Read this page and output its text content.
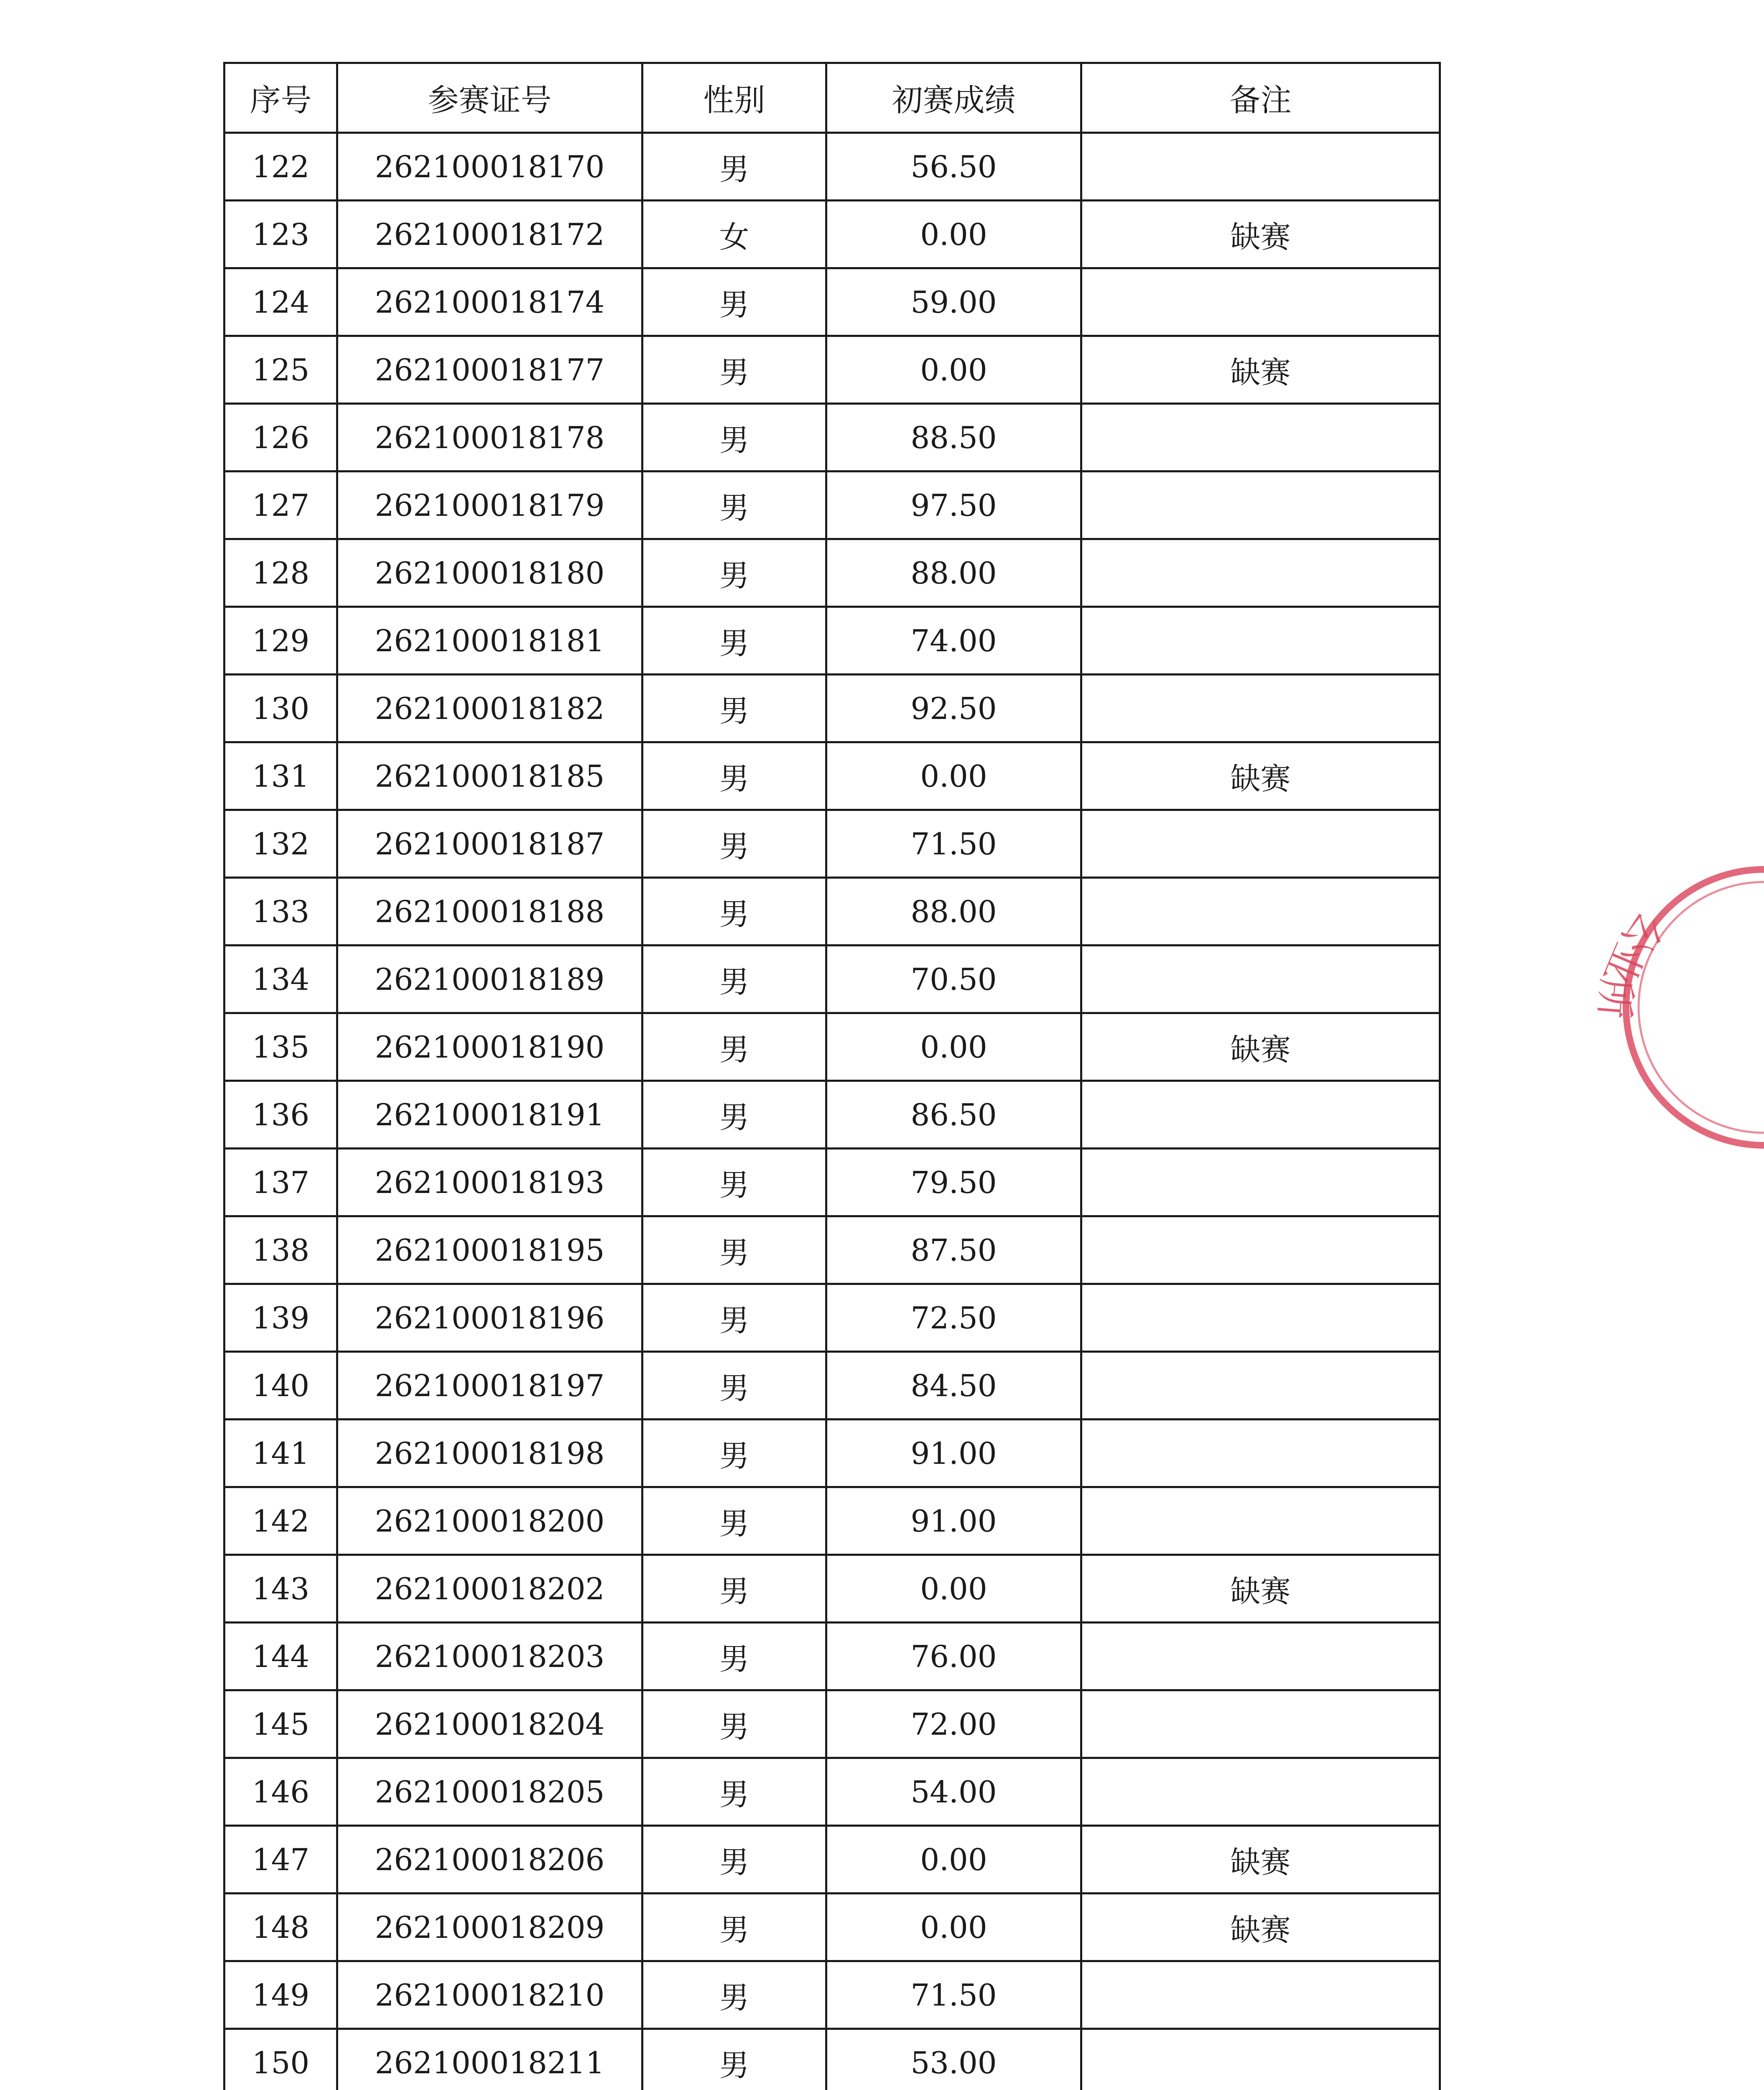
序号	参赛证号	性别	初赛成绩	备注
122	262100018170	男	56.50	
123	262100018172	女	0.00	缺赛
124	262100018174	男	59.00	
125	262100018177	男	0.00	缺赛
126	262100018178	男	88.50	
127	262100018179	男	97.50	
128	262100018180	男	88.00	
129	262100018181	男	74.00	
130	262100018182	男	92.50	
131	262100018185	男	0.00	缺赛
132	262100018187	男	71.50	
133	262100018188	男	88.00	
134	262100018189	男	70.50	
135	262100018190	男	0.00	缺赛
136	262100018191	男	86.50	
137	262100018193	男	79.50	
138	262100018195	男	87.50	
139	262100018196	男	72.50	
140	262100018197	男	84.50	
141	262100018198	男	91.00	
142	262100018200	男	91.00	
143	262100018202	男	0.00	缺赛
144	262100018203	男	76.00	
145	262100018204	男	72.00	
146	262100018205	男	54.00	
147	262100018206	男	0.00	缺赛
148	262100018209	男	0.00	缺赛
149	262100018210	男	71.50	
150	262100018211	男	53.00	

公业所
